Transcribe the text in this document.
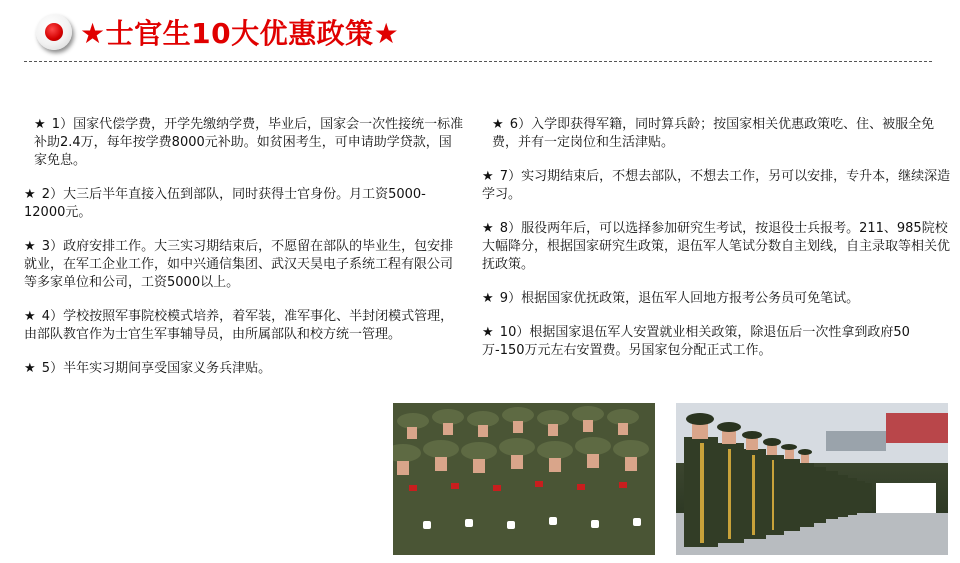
★士官生10大优惠政策★
★ 1）国家代偿学费，开学先缴纳学费，毕业后，国家会一次性接统一标准补助2.4万，每年按学费8000元补助。如贫困考生，可申请助学贷款，国家免息。
★ 2）大三后半年直接入伍到部队，同时获得士官身份。月工资5000-12000元。
★ 3）政府安排工作。大三实习期结束后，不愿留在部队的毕业生，包安排就业，在军工企业工作，如中兴通信集团、武汉天昊电子系统工程有限公司等多家单位和公司，工资5000以上。
★ 4）学校按照军事院校模式培养，着军装，准军事化、半封闭模式管理，由部队教官作为士官生军事辅导员，由所属部队和校方统一管理。
★ 5）半年实习期间享受国家义务兵津贴。
★ 6）入学即获得军籍，同时算兵龄；按国家相关优惠政策吃、住、被服全免费，并有一定岗位和生活津贴。
★ 7）实习期结束后，不想去部队，不想去工作，另可以安排，专升本，继续深造学习。
★ 8）服役两年后，可以选择参加研究生考试，按退役士兵报考。211、985院校大幅降分，根据国家研究生政策，退伍军人笔试分数自主划线，自主录取等相关优抚政策。
★ 9）根据国家优抚政策，退伍军人回地方报考公务员可免笔试。
★ 10）根据国家退伍军人安置就业相关政策，除退伍后一次性拿到政府50万-150万元左右安置费。另国家包分配正式工作。
